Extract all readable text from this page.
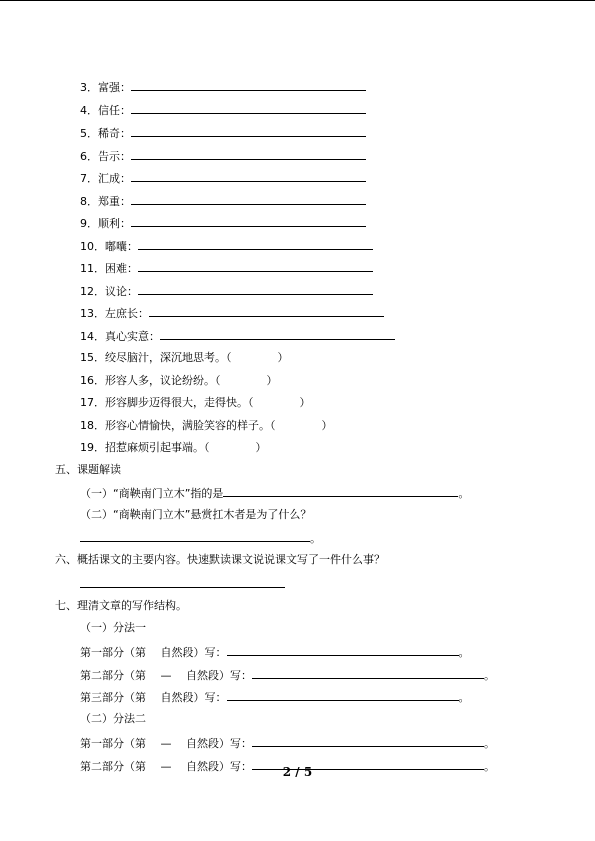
3．富强：
4．信任：
5．稀奇：
6．告示：
7．汇成：
8．郑重：
9．顺利：
10．嘟囔：
11．困难：
12．议论：
13．左庶长：
14．真心实意：
15．绞尽脑汁，深沉地思考。（	）
16．形容人多，议论纷纷。（	）
17．形容脚步迈得很大，走得快。（	）
18．形容心情愉快，满脸笑容的样子。（	）
19．招惹麻烦引起事端。（	）
五、课题解读
（一）“商鞅南门立木”指的是	。
（二）“商鞅南门立木”悬赏扛木者是为了什么？
。
六、概括课文的主要内容。快速默读课文说说课文写了一件什么事？
七、理清文章的写作结构。
（一）分法一
第一部分（第　 自然段）写：	。
第二部分（第　 —　 自然段）写：	。
第三部分（第　 自然段）写：	。
（二）分法二
第一部分（第　 —　 自然段）写：	。
第二部分（第　 —　 自然段）写：	。
2 / 5
